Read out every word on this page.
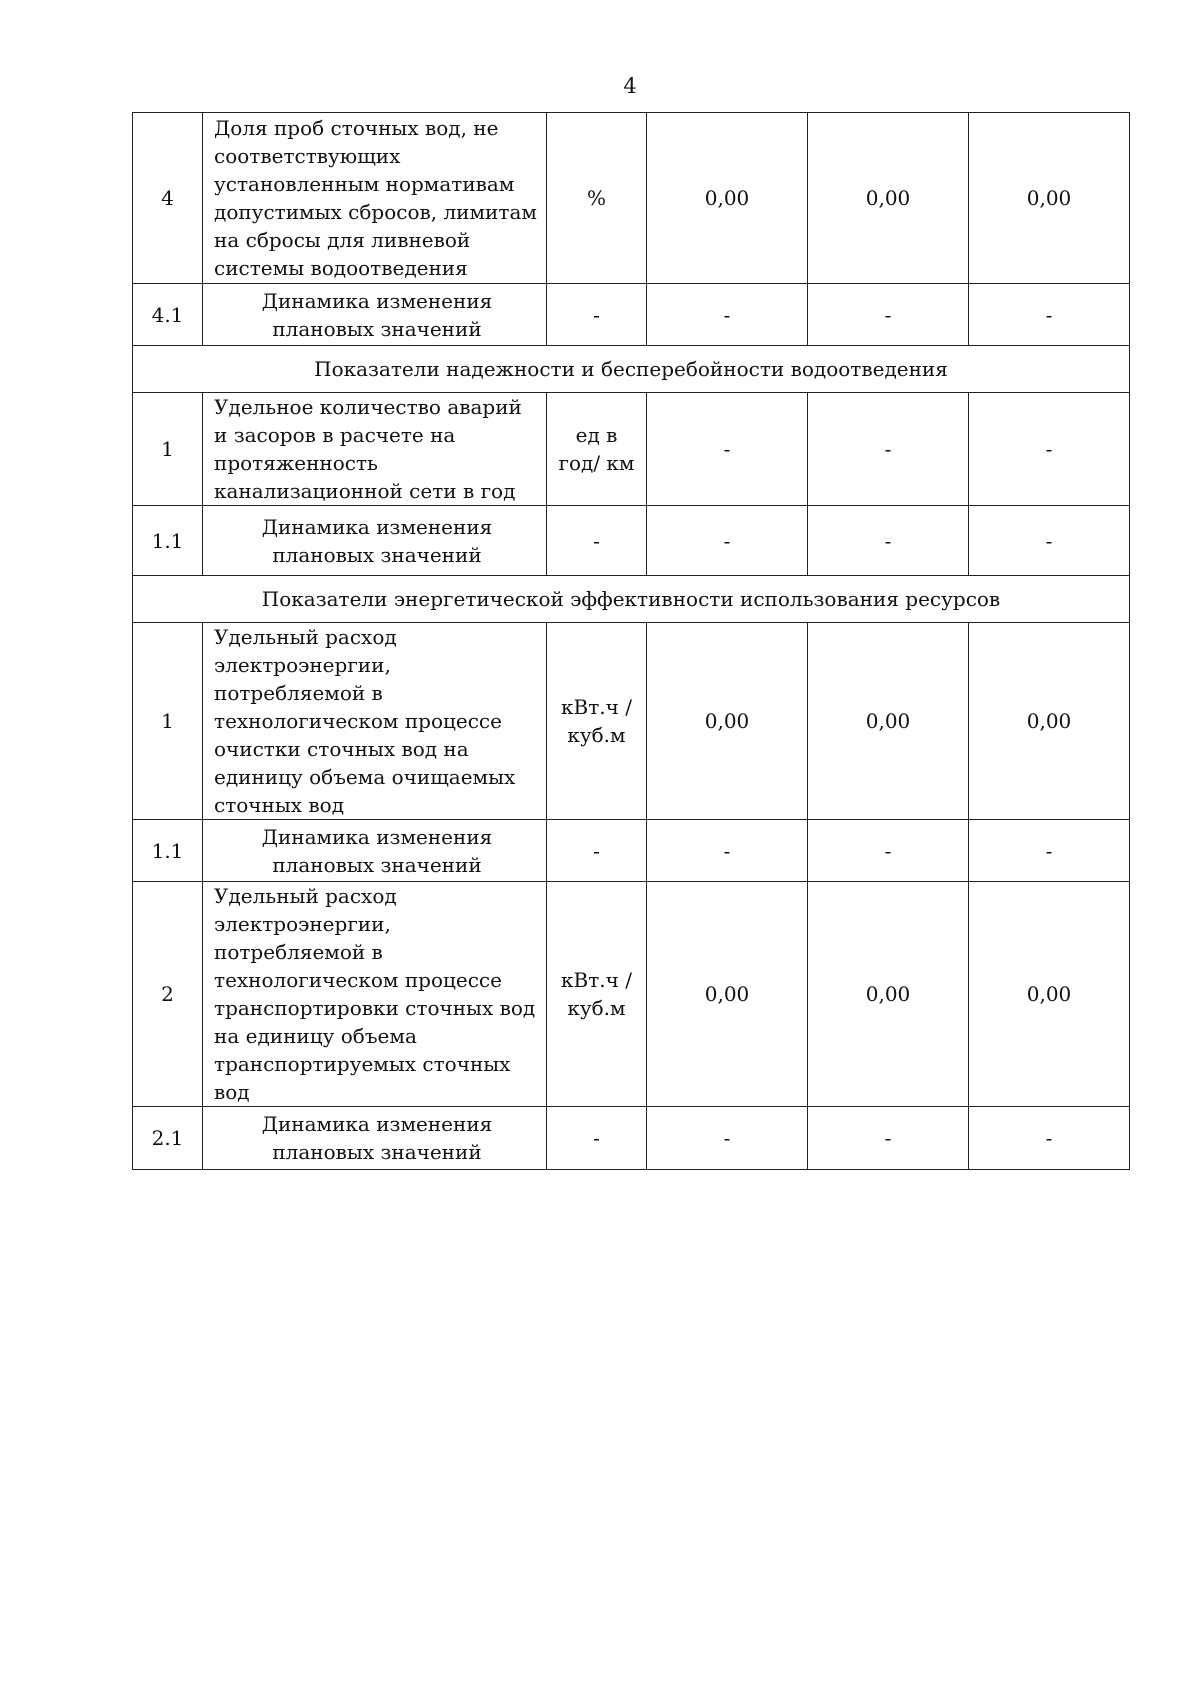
4
4	Доля проб сточных вод, не соответствующих установленным нормативам допустимых сбросов, лимитам на сбросы для ливневой системы водоотведения	%	0,00	0,00	0,00
4.1	Динамика изменения плановых значений	-	-	-	-
Показатели надежности и бесперебойности водоотведения					
1	Удельное количество аварий и засоров в расчете на протяженность канализационной сети в год	ед в год/ км	-	-	-
1.1	Динамика изменения плановых значений	-	-	-	-
Показатели энергетической эффективности использования ресурсов					
1	Удельный расход электроэнергии, потребляемой в технологическом процессе очистки сточных вод на единицу объема очищаемых сточных вод	кВт.ч / куб.м	0,00	0,00	0,00
1.1	Динамика изменения плановых значений	-	-	-	-
2	Удельный расход электроэнергии, потребляемой в технологическом процессе транспортировки сточных вод на единицу объема транспортируемых сточных вод	кВт.ч / куб.м	0,00	0,00	0,00
2.1	Динамика изменения плановых значений	-	-	-	-
